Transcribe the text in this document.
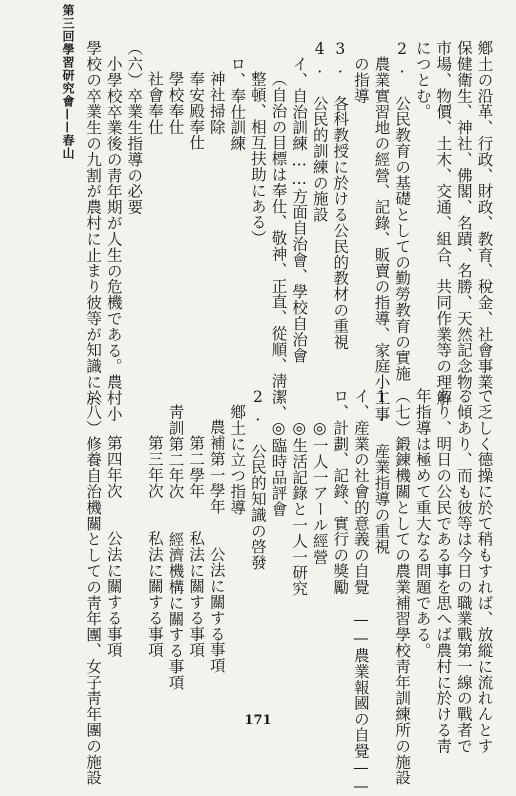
第三回學習研究會——春山	鄕土の沿革、行政、財政、教育、稅金、社會事業、
保健衛生、神社、佛閣、名蹟、名勝、天然記念物、
市場、物價、土木、交通、組合、共同作業等の理解
につとむ。
2. 公民教育の基礎としての勤勞教育の實施
農業實習地の經營、記錄、販賣の指導、家庭小工事
の指導
3. 各科教授に於ける公民的教材の重視
4. 公民的訓練の施設
イ、自治訓練……方面自治會、學校自治會
（自治の目標は奉仕、敬神、正直、從順、淸潔、
整頓、相互扶助にある）
ロ、奉仕訓練
神社掃除
奉安殿奉仕
學校奉仕
社會奉仕
（六）卒業生指導の必要
小學校卒業後の靑年期が人生の危機である。農村小
學校の卒業生の九割が農村に止まり彼等が知識に於
て乏しく德操に於て稍もすれば、放縱に流れんとす
る傾あり、而も彼等は今日の職業戰第一線の戰者で
あり、明日の公民である事を思へば農村に於ける靑
年指導は極めて重大なる問題である。
（七）鍛錬機關としての農業補習學校靑年訓練所の施設
1. 産業指導の重視
イ、産業の社會的意義の自覺　——農業報國の自覺——
ロ、計劃、記錄、實行の獎勵
◎一人一アール經營
◎生活記錄と一人一研究
◎臨時品評會
2. 公民的知識の啓發
鄕土に立つ指導
農補第一學年　　公法に關する事項
第二學年　　私法に關する事項
靑訓第二年次　　經濟機構に關する事項
第三年次　　私法に關する事項
第四年次　　公法に關する事項
（八）修養自治機關としての靑年團、女子靑年團の施設	171
